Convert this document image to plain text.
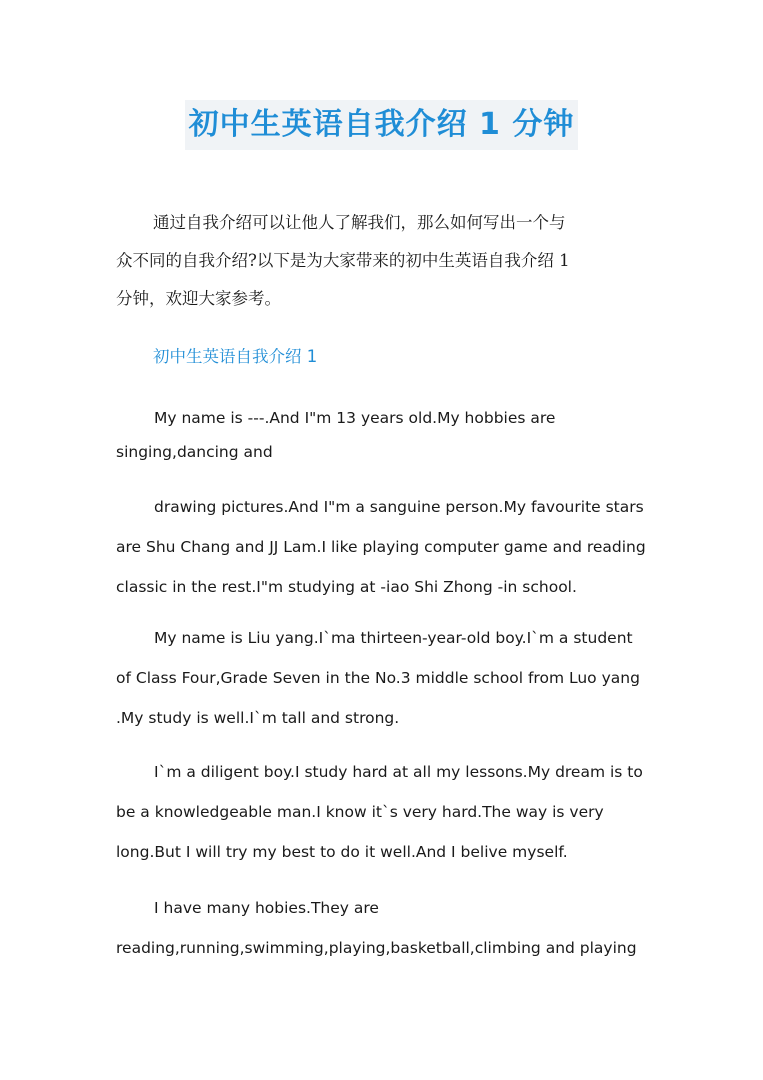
初中生英语自我介绍 1 分钟

通过自我介绍可以让他人了解我们，那么如何写出一个与
众不同的自我介绍?以下是为大家带来的初中生英语自我介绍 1
分钟，欢迎大家参考。

初中生英语自我介绍 1

My name is ---.And I"m 13 years old.My hobbies are
singing,dancing and

drawing pictures.And I"m a sanguine person.My favourite stars
are Shu Chang and JJ Lam.I like playing computer game and reading
classic in the rest.I"m studying at -iao Shi Zhong -in school.

My name is Liu yang.I`ma thirteen-year-old boy.I`m a student
of Class Four,Grade Seven in the No.3 middle school from Luo yang
.My study is well.I`m tall and strong.

I`m a diligent boy.I study hard at all my lessons.My dream is to
be a knowledgeable man.I know it`s very hard.The way is very
long.But I will try my best to do it well.And I belive myself.

I have many hobies.They are
reading,running,swimming,playing,basketball,climbing and playing
